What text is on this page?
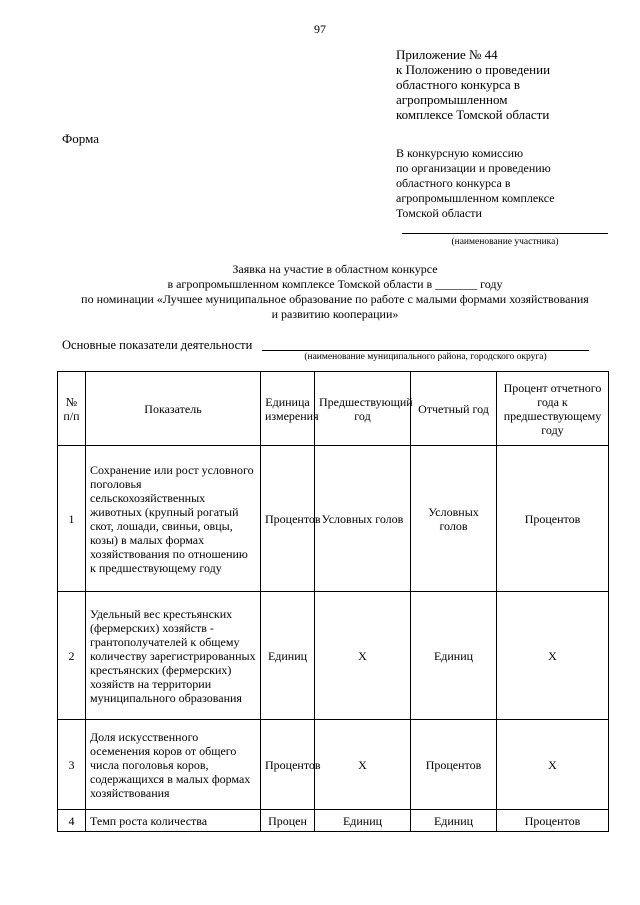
97
Приложение № 44
к Положению о проведении
областного конкурса в
агропромышленном
комплексе Томской области
Форма
В конкурсную комиссию
по организации и проведению
областного конкурса в
агропромышленном комплексе
Томской области
(наименование участника)
Заявка на участие в областном конкурсе
в агропромышленном комплексе Томской области в _______ году
по номинации «Лучшее муниципальное образование по работе с малыми формами хозяйствования
и развитию кооперации»
Основные показатели деятельности
(наименование муниципального района, городского округа)
№ п/п	Показатель	Единица измерения	Предшествующий год	Отчетный год	Процент отчетного года к предшествующему году
1	Сохранение или рост условного поголовья сельскохозяйственных животных (крупный рогатый скот, лошади, свиньи, овцы, козы) в малых формах хозяйствования по отношению к предшествующему году	Процентов	Условных голов	Условных голов	Процентов
2	Удельный вес крестьянских (фермерских) хозяйств - грантополучателей к общему количеству зарегистрированных крестьянских (фермерских) хозяйств на территории муниципального образования	Единиц	X	Единиц	X
3	Доля искусственного осеменения коров от общего числа поголовья коров, содержащихся в малых формах хозяйствования	Процентов	X	Процентов	X
4	Темп роста количества	Процен	Единиц	Единиц	Процентов
